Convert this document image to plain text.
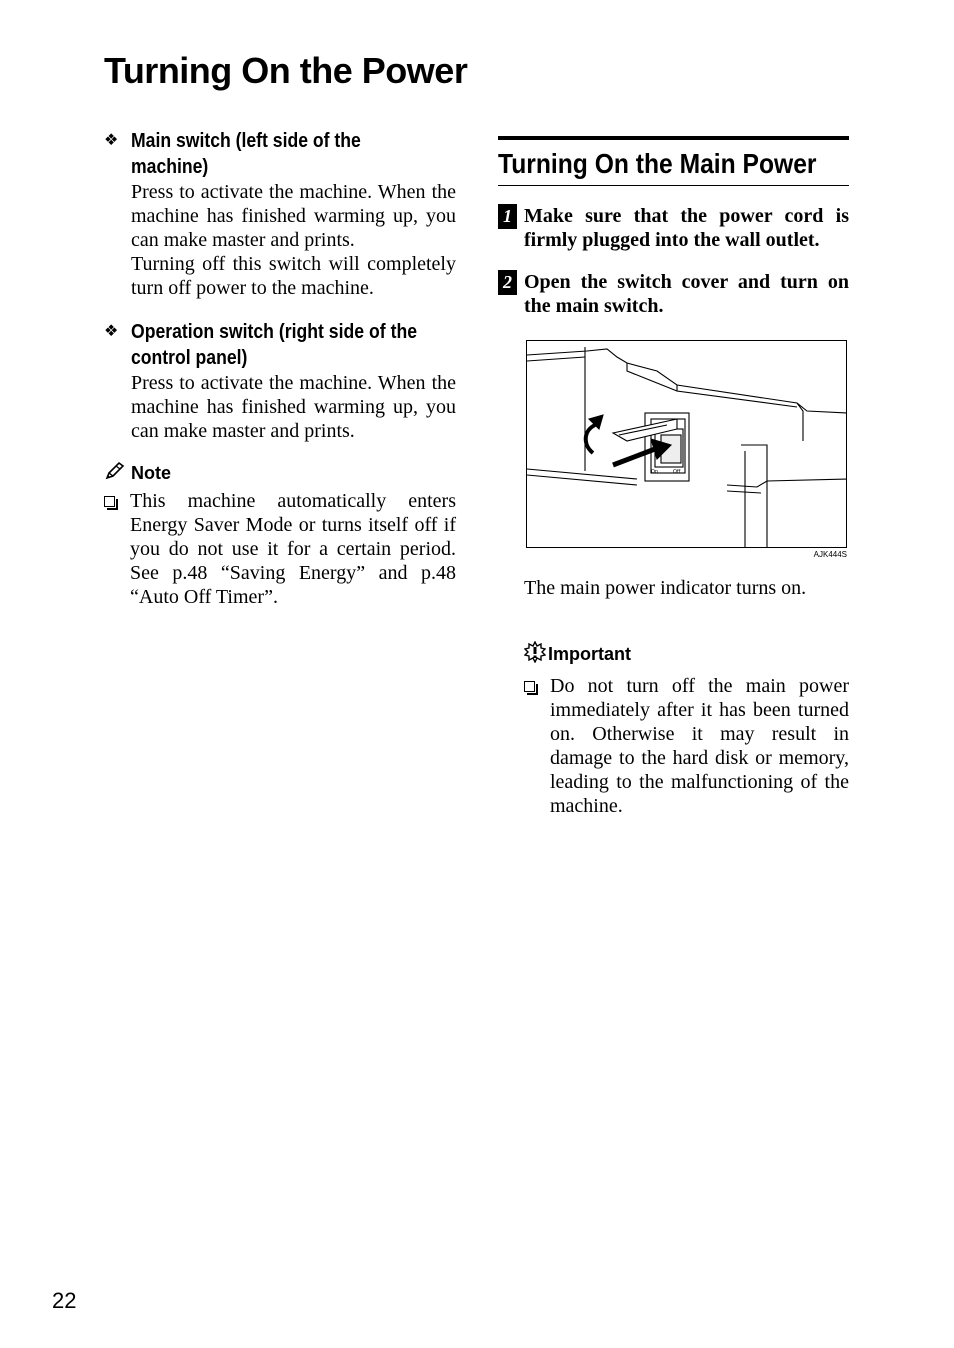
Turning On the Power
❖ Main switch (left side of the machine)

Press to activate the machine. When the machine has finished warming up, you can make master and prints.

Turning off this switch will completely turn off power to the machine.

❖ Operation switch (right side of the control panel)
Press to activate the machine. When the machine has finished warming up, you can make master and prints.
Note
This machine automatically enters Energy Saver Mode or turns itself off if you do not use it for a certain period. See p.48 “Saving Energy” and p.48 “Auto Off Timer”.
Turning On the Main Power
1 Make sure that the power cord is firmly plugged into the wall outlet.
2 Open the switch cover and turn on the main switch.
On	Off
AJK444S
The main power indicator turns on.
Important
Do not turn off the main power immediately after it has been turned on. Otherwise it may result in damage to the hard disk or memory, leading to the malfunctioning of the machine.
22
